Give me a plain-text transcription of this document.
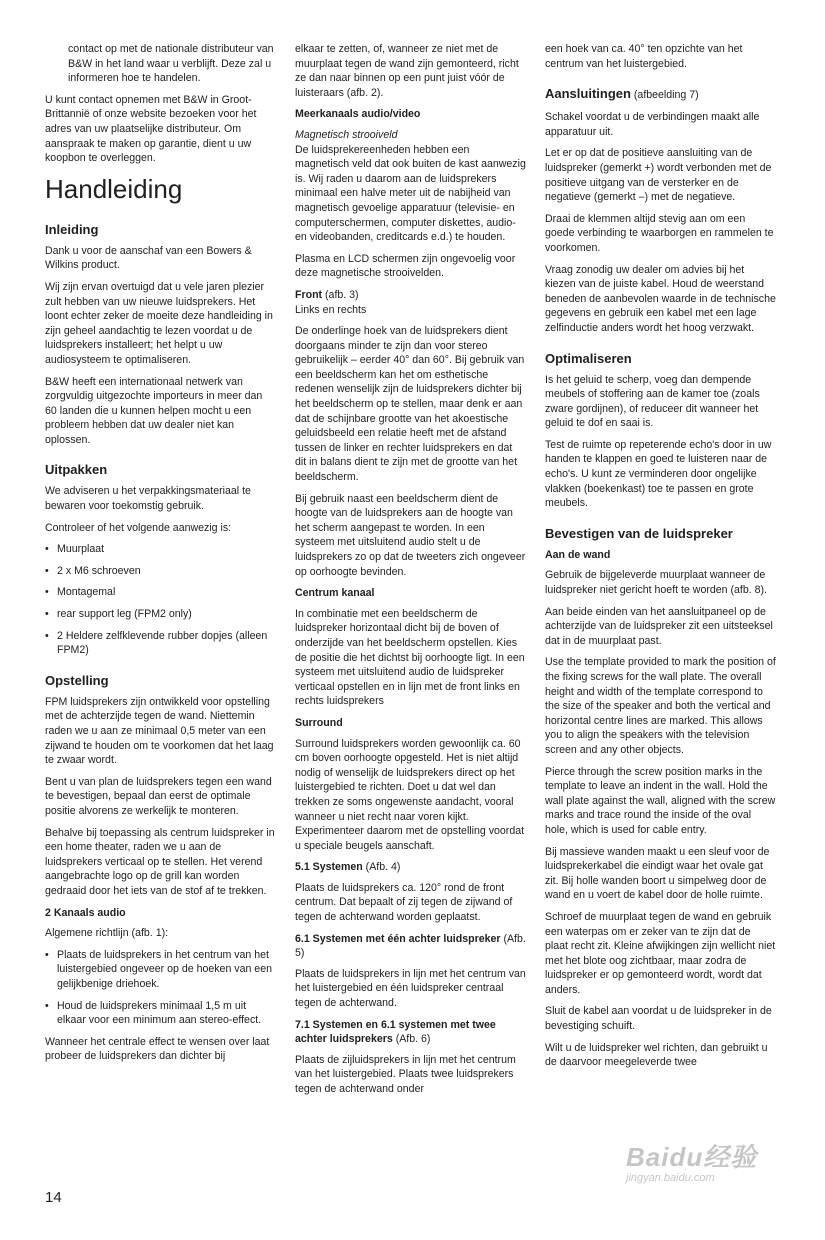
contact op met de nationale distributeur van B&W in het land waar u verblijft. Deze zal u informeren hoe te handelen.

U kunt contact opnemen met B&W in Groot-Brittannië of onze website bezoeken voor het adres van uw plaatselijke distributeur. Om aanspraak te maken op garantie, dient u uw koopbon te overleggen.

Handleiding
Inleiding

Dank u voor de aanschaf van een Bowers & Wilkins product.

Wij zijn ervan overtuigd dat u vele jaren plezier zult hebben van uw nieuwe luidsprekers. Het loont echter zeker de moeite deze handleiding in zijn geheel aandachtig te lezen voordat u de luidsprekers installeert; het helpt u uw audiosysteem te optimaliseren.

B&W heeft een internationaal netwerk van zorgvuldig uitgezochte importeurs in meer dan 60 landen die u kunnen helpen mocht u een probleem hebben dat uw dealer niet kan oplossen.

Uitpakken

We adviseren u het verpakkingsmateriaal te bewaren voor toekomstig gebruik.

Controleer of het volgende aanwezig is:

• Muurplaat
• 2 x M6 schroeven
• Montagemal
• rear support leg (FPM2 only)
• 2 Heldere zelfklevende rubber dopjes (alleen FPM2)
Opstelling

FPM luidsprekers zijn ontwikkeld voor opstelling met de achterzijde tegen de wand. Niettemin raden we u aan ze minimaal 0,5 meter van een zijwand te houden om te voorkomen dat het laag te zwaar wordt.

Bent u van plan de luidsprekers tegen een wand te bevestigen, bepaal dan eerst de optimale positie alvorens ze werkelijk te monteren.

Behalve bij toepassing als centrum luidspreker in een home theater, raden we u aan de luidsprekers verticaal op te stellen. Het verend aangebrachte logo op de grill kan worden gedraaid door het iets van de stof af te trekken.

2 Kanaals audio

Algemene richtlijn (afb. 1):

• Plaats de luidsprekers in het centrum van het luistergebied ongeveer op de hoeken van een gelijkbenige driehoek.
• Houd de luidsprekers minimaal 1,5 m uit elkaar voor een minimum aan stereo-effect.

Wanneer het centrale effect te wensen over laat probeer de luidsprekers dan dichter bij

elkaar te zetten, of, wanneer ze niet met de muurplaat tegen de wand zijn gemonteerd, richt ze dan naar binnen op een punt juist vóór de luisteraars (afb. 2).

Meerkanaals audio/video

Magnetisch strooiveld
De luidsprekereenheden hebben een magnetisch veld dat ook buiten de kast aanwezig is. Wij raden u daarom aan de luidsprekers minimaal een halve meter uit de nabijheid van magnetisch gevoelige apparatuur (televisie- en computerschermen, computer diskettes, audio- en videobanden, creditcards e.d.) te houden.

Plasma en LCD schermen zijn ongevoelig voor deze magnetische strooivelden.

Front (afb. 3)
Links en rechts

De onderlinge hoek van de luidsprekers dient doorgaans minder te zijn dan voor stereo gebruikelijk – eerder 40° dan 60°. Bij gebruik van een beeldscherm kan het om esthetische redenen wenselijk zijn de luidsprekers dichter bij het beeldscherm op te stellen, maar denk er aan dat de schijnbare grootte van het akoestische geluidsbeeld een relatie heeft met de afstand tussen de linker en rechter luidsprekers en dat dit in balans dient te zijn met de grootte van het beeldscherm.

Bij gebruik naast een beeldscherm dient de hoogte van de luidsprekers aan de hoogte van het scherm aangepast te worden. In een systeem met uitsluitend audio stelt u de luidsprekers zo op dat de tweeters zich ongeveer op oorhoogte bevinden.

Centrum kanaal

In combinatie met een beeldscherm de luidspreker horizontaal dicht bij de boven of onderzijde van het beeldscherm opstellen. Kies de positie die het dichtst bij oorhoogte ligt. In een systeem met uitsluitend audio de luidspreker verticaal opstellen en in lijn met de front links en rechts luidsprekers

Surround

Surround luidsprekers worden gewoonlijk ca. 60 cm boven oorhoogte opgesteld. Het is niet altijd nodig of wenselijk de luidsprekers direct op het luistergebied te richten. Doet u dat wel dan trekken ze soms ongewenste aandacht, vooral wanneer u niet recht naar voren kijkt. Experimenteer daarom met de opstelling voordat u speciale beugels aanschaft.

5.1 Systemen (Afb. 4)

Plaats de luidsprekers ca. 120° rond de front centrum. Dat bepaalt of zij tegen de zijwand of tegen de achterwand worden geplaatst.

6.1 Systemen met één achter luidspreker (Afb. 5)

Plaats de luidsprekers in lijn met het centrum van het luistergebied en één luidspreker centraal tegen de achterwand.

7.1 Systemen en 6.1 systemen met twee achter luidsprekers (Afb. 6)

Plaats de zijluidsprekers in lijn met het centrum van het luistergebied. Plaats twee luidsprekers tegen de achterwand onder

een hoek van ca. 40° ten opzichte van het centrum van het luistergebied.

Aansluitingen (afbeelding 7)

Schakel voordat u de verbindingen maakt alle apparatuur uit.

Let er op dat de positieve aansluiting van de luidspreker (gemerkt +) wordt verbonden met de positieve uitgang van de versterker en de negatieve (gemerkt –) met de negatieve.

Draai de klemmen altijd stevig aan om een goede verbinding te waarborgen en rammelen te voorkomen.

Vraag zonodig uw dealer om advies bij het kiezen van de juiste kabel. Houd de weerstand beneden de aanbevolen waarde in de technische gegevens en gebruik een kabel met een lage zelfinductie anders wordt het hoog verzwakt.

Optimaliseren

Is het geluid te scherp, voeg dan dempende meubels of stoffering aan de kamer toe (zoals zware gordijnen), of reduceer dit wanneer het geluid te dof en saai is.

Test de ruimte op repeterende echo's door in uw handen te klappen en goed te luisteren naar de echo's. U kunt ze verminderen door ongelijke vlakken (boekenkast) toe te passen en grote meubels.

Bevestigen van de luidspreker
Aan de wand

Gebruik de bijgeleverde muurplaat wanneer de luidspreker niet gericht hoeft te worden (afb. 8).

Aan beide einden van het aansluitpaneel op de achterzijde van de luidspreker zit een uitsteeksel dat in de muurplaat past.

Use the template provided to mark the position of the fixing screws for the wall plate. The overall height and width of the template correspond to the size of the speaker and both the vertical and horizontal centre lines are marked. This allows you to align the speakers with the television screen and any other objects.

Pierce through the screw position marks in the template to leave an indent in the wall. Hold the wall plate against the wall, aligned with the screw marks and trace round the inside of the oval hole, which is used for cable entry.

Bij massieve wanden maakt u een sleuf voor de luidsprekerkabel die eindigt waar het ovale gat zit. Bij holle wanden boort u simpelweg door de wand en u voert de kabel door de holle ruimte.

Schroef de muurplaat tegen de wand en gebruik een waterpas om er zeker van te zijn dat de plaat recht zit. Kleine afwijkingen zijn wellicht niet met het blote oog zichtbaar, maar zodra de luidspreker er op gemonteerd wordt, wordt dat anders.

Sluit de kabel aan voordat u de luidspreker in de bevestiging schuift.

Wilt u de luidspreker wel richten, dan gebruikt u de daarvoor meegeleverde twee

14
Baidu经验
jingyan.baidu.com
